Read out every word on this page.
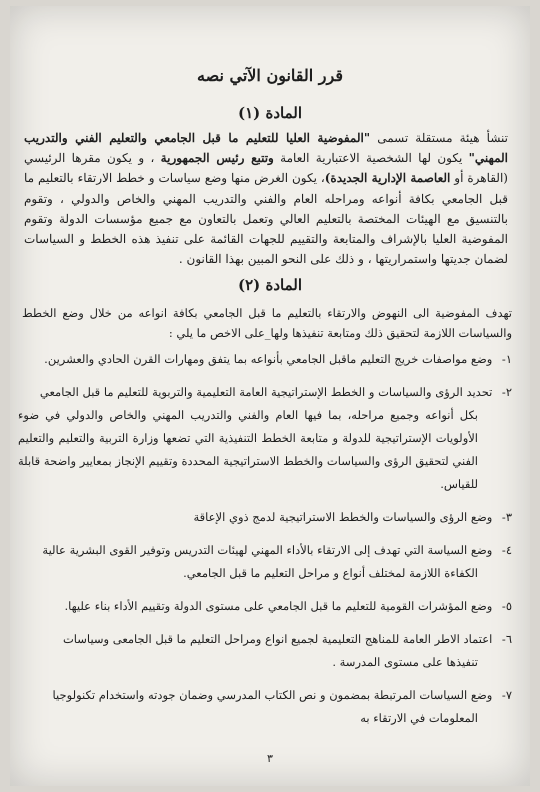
قرر القانون الآتي نصه
المادة (١)
تنشأ هيئة مستقلة تسمى "المفوضية العليا للتعليم ما قبل الجامعي والتعليم الفني والتدريب المهني" يكون لها الشخصية الاعتبارية العامة وتتبع رئيس الجمهورية ، و يكون مقرها الرئيسي (القاهرة أو العاصمة الإدارية الجديدة)، يكون الغرض منها وضع سياسات و خطط الارتقاء بالتعليم ما قبل الجامعي بكافة أنواعه ومراحله العام والفني والتدريب المهني والخاص والدولي ، وتقوم بالتنسيق مع الهيئات المختصة بالتعليم العالي وتعمل بالتعاون مع جميع مؤسسات الدولة وتقوم المفوضية العليا بالإشراف والمتابعة والتقييم للجهات القائمة على تنفيذ هذه الخطط و السياسات لضمان جديتها واستمراريتها ، و ذلك على النحو المبين بهذا القانون .
المادة (٢)
تهدف المفوضية الى النهوض والارتقاء بالتعليم ما قبل الجامعي بكافة انواعه من خلال وضع الخطط والسياسات اللازمة لتحقيق ذلك ومتابعة تنفيذها ولها_على الاخص ما يلي :
١- وضع مواصفات خريج التعليم ماقبل الجامعي بأنواعه بما يتفق ومهارات القرن الحادي والعشرين.
٢- تحديد الرؤى والسياسات و الخطط الإستراتيجية العامة التعليمية والتربوية للتعليم ما قبل الجامعي
بكل أنواعه وجميع مراحله، بما فيها العام والفني والتدريب المهني والخاص والدولي في ضوء الأولويات الإستراتيجية للدولة و متابعة الخطط التنفيذية التي تضعها وزارة التربية والتعليم والتعليم الفني لتحقيق الرؤى والسياسات والخطط الاستراتيجية المحددة وتقييم الإنجاز بمعايير واضحة قابلة للقياس.
٣- وضع الرؤى والسياسات والخطط الاستراتيجية لدمج ذوي الإعاقة
٤- وضع السياسة التي تهدف إلى الارتقاء بالأداء المهني لهيئات التدريس وتوفير القوى البشرية عالية
الكفاءة اللازمة لمختلف أنواع و مراحل التعليم ما قبل الجامعي.
٥- وضع المؤشرات القومية للتعليم ما قبل الجامعي على مستوى الدولة وتقييم الأداء بناء عليها.
٦- اعتماد الاطر العامة للمناهج التعليمية لجميع انواع ومراحل التعليم ما قبل الجامعى وسياسات
تنفيذها على مستوى المدرسة .
٧- وضع السياسات المرتبطة بمضمون و نص الكتاب المدرسي وضمان جودته واستخدام تكنولوجيا
المعلومات في الارتقاء به
٣
